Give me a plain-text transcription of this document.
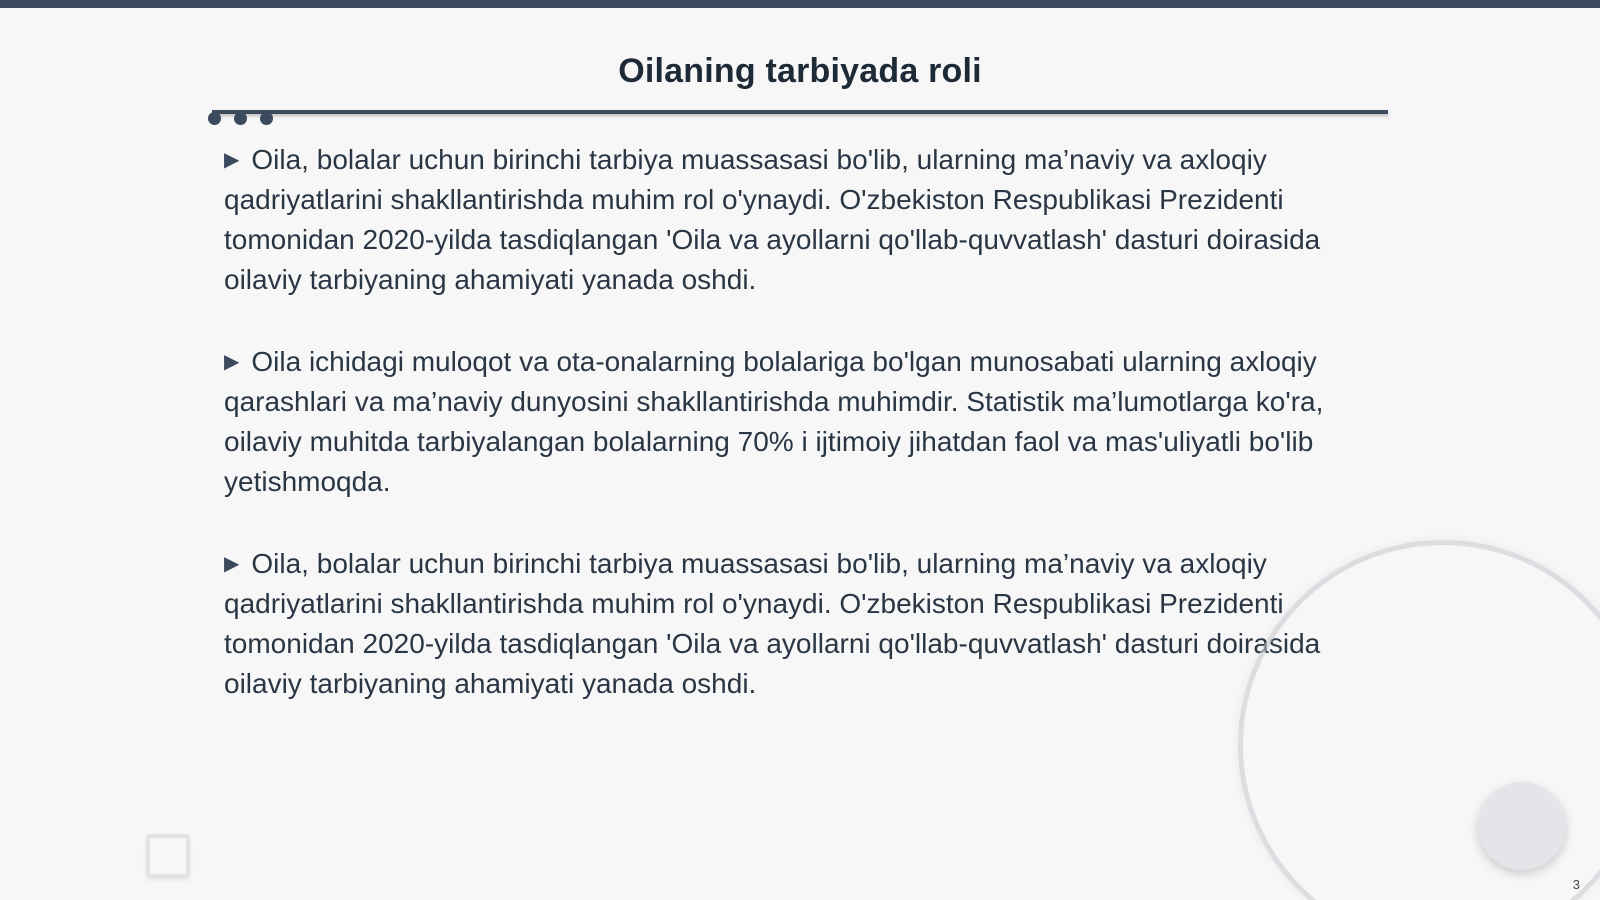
Oilaning tarbiyada roli

▶ Oila, bolalar uchun birinchi tarbiya muassasasi bo'lib, ularning ma’naviy va axloqiy qadriyatlarini shakllantirishda muhim rol o'ynaydi. O'zbekiston Respublikasi Prezidenti tomonidan 2020-yilda tasdiqlangan 'Oila va ayollarni qo'llab-quvvatlash' dasturi doirasida oilaviy tarbiyaning ahamiyati yanada oshdi.

▶ Oila ichidagi muloqot va ota-onalarning bolalariga bo'lgan munosabati ularning axloqiy qarashlari va ma’naviy dunyosini shakllantirishda muhimdir. Statistik ma’lumotlarga ko'ra, oilaviy muhitda tarbiyalangan bolalarning 70% i ijtimoiy jihatdan faol va mas'uliyatli bo'lib yetishmoqda.

▶ Oila, bolalar uchun birinchi tarbiya muassasasi bo'lib, ularning ma’naviy va axloqiy qadriyatlarini shakllantirishda muhim rol o'ynaydi. O'zbekiston Respublikasi Prezidenti tomonidan 2020-yilda tasdiqlangan 'Oila va ayollarni qo'llab-quvvatlash' dasturi doirasida oilaviy tarbiyaning ahamiyati yanada oshdi.

3
